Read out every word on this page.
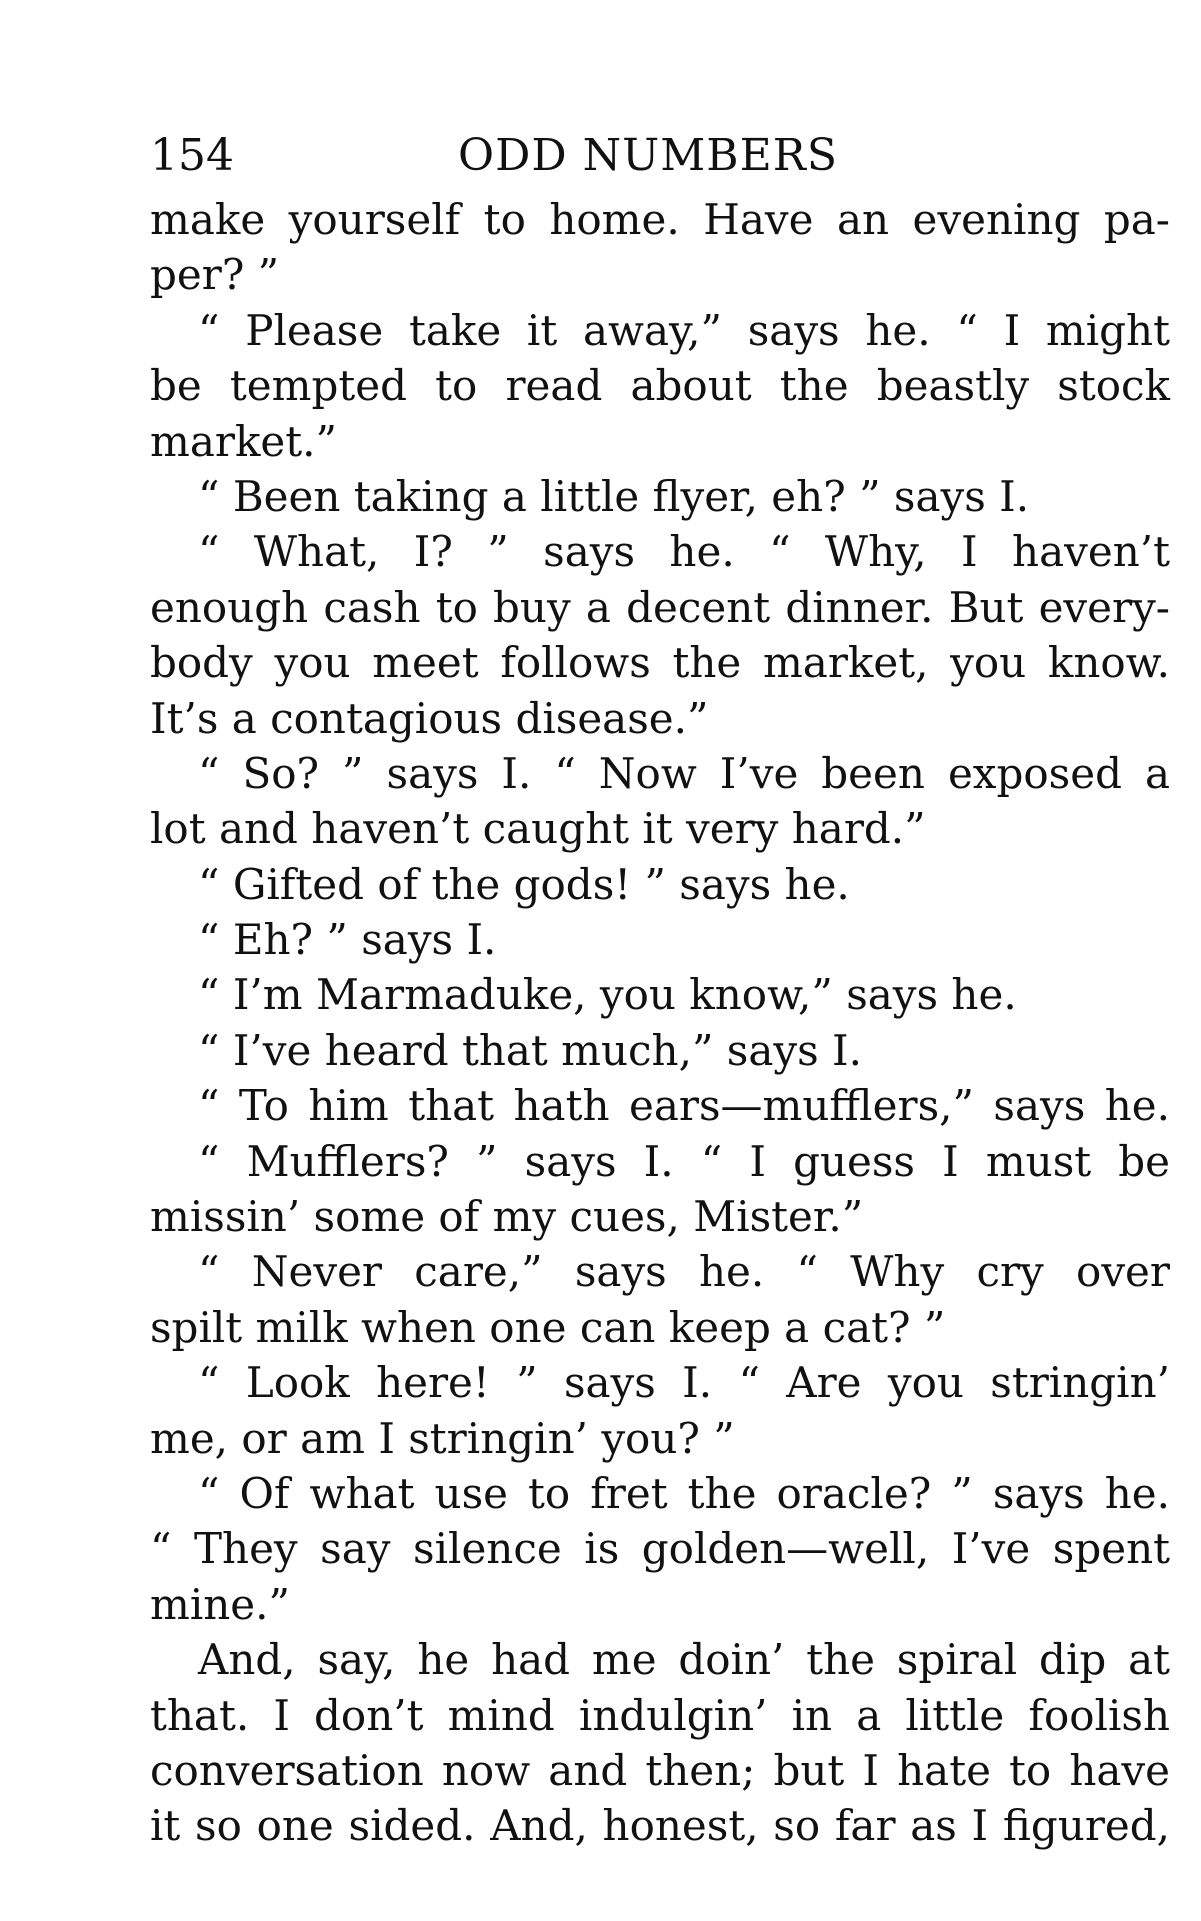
154	ODD NUMBERS
make yourself to home. Have an evening pa-
per? ”
“ Please take it away,” says he. “ I might
be tempted to read about the beastly stock
market.”
“ Been taking a little flyer, eh? ” says I.
“ What, I? ” says he. “ Why, I haven’t
enough cash to buy a decent dinner. But every-
body you meet follows the market, you know.
It’s a contagious disease.”
“ So? ” says I. “ Now I’ve been exposed a
lot and haven’t caught it very hard.”
“ Gifted of the gods! ” says he.
“ Eh? ” says I.
“ I’m Marmaduke, you know,” says he.
“ I’ve heard that much,” says I.
“ To him that hath ears—mufflers,” says he.
“ Mufflers? ” says I. “ I guess I must be
missin’ some of my cues, Mister.”
“ Never care,” says he. “ Why cry over
spilt milk when one can keep a cat? ”
“ Look here! ” says I. “ Are you stringin’
me, or am I stringin’ you? ”
“ Of what use to fret the oracle? ” says he.
“ They say silence is golden—well, I’ve spent
mine.”
And, say, he had me doin’ the spiral dip at
that. I don’t mind indulgin’ in a little foolish
conversation now and then; but I hate to have
it so one sided. And, honest, so far as I figured,
